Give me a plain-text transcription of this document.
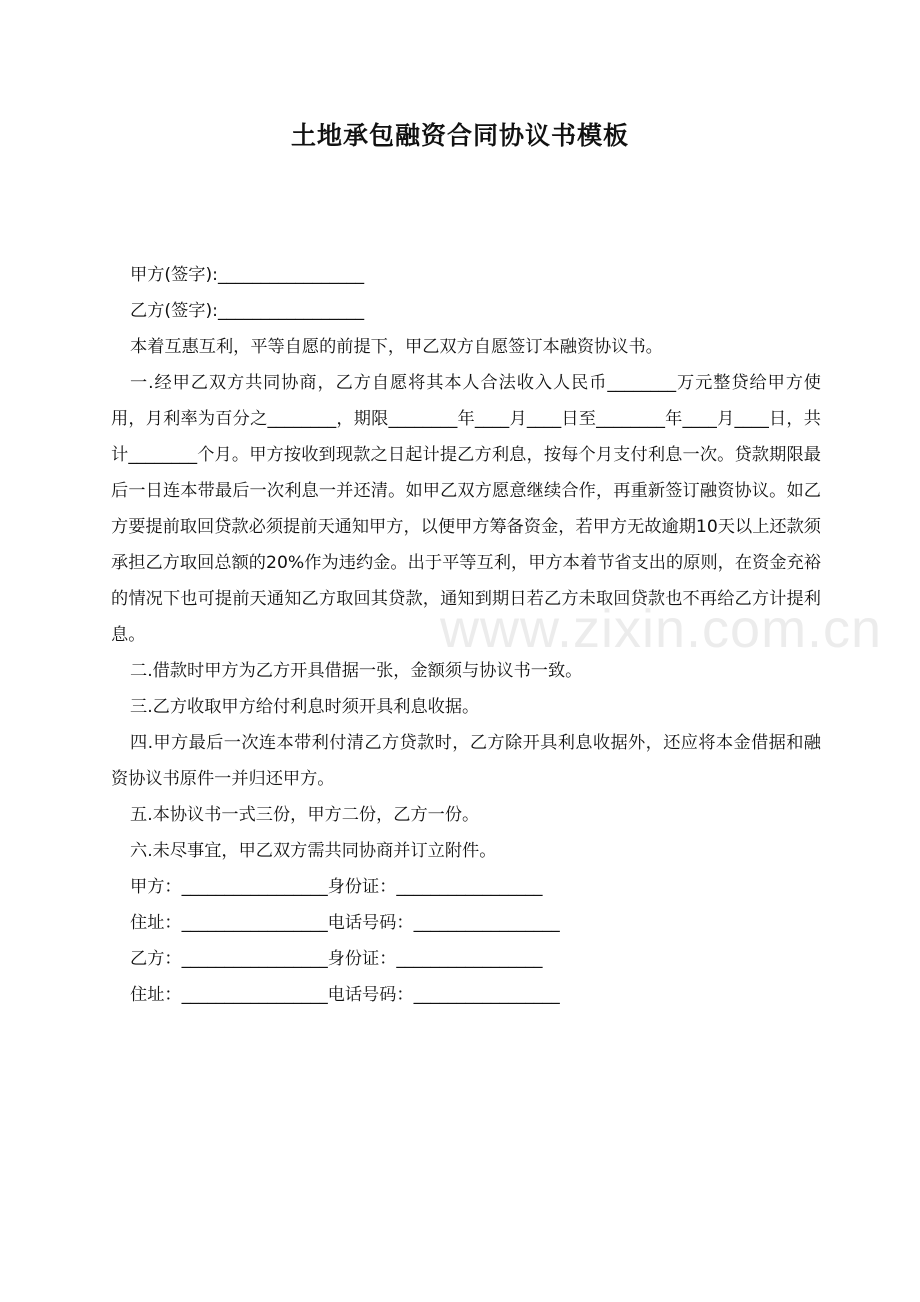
www.zixin.com.cn
土地承包融资合同协议书模板
甲方(签字):_________________
乙方(签字):_________________
本着互惠互利，平等自愿的前提下，甲乙双方自愿签订本融资协议书。

一.经甲乙双方共同协商，乙方自愿将其本人合法收入人民币________万元整贷给甲方使用，月利率为百分之________，期限________年____月____日至________年____月____日，共计________个月。甲方按收到现款之日起计提乙方利息，按每个月支付利息一次。贷款期限最后一日连本带最后一次利息一并还清。如甲乙双方愿意继续合作，再重新签订融资协议。如乙方要提前取回贷款必须提前天通知甲方，以便甲方筹备资金，若甲方无故逾期10天以上还款须承担乙方取回总额的20%作为违约金。出于平等互利，甲方本着节省支出的原则，在资金充裕的情况下也可提前天通知乙方取回其贷款，通知到期日若乙方未取回贷款也不再给乙方计提利息。

二.借款时甲方为乙方开具借据一张，金额须与协议书一致。
三.乙方收取甲方给付利息时须开具利息收据。

四.甲方最后一次连本带利付清乙方贷款时，乙方除开具利息收据外，还应将本金借据和融资协议书原件一并归还甲方。

五.本协议书一式三份，甲方二份，乙方一份。
六.未尽事宜，甲乙双方需共同协商并订立附件。
甲方：_________________身份证：_________________
住址：_________________电话号码：_________________
乙方：_________________身份证：_________________
住址：_________________电话号码：_________________
